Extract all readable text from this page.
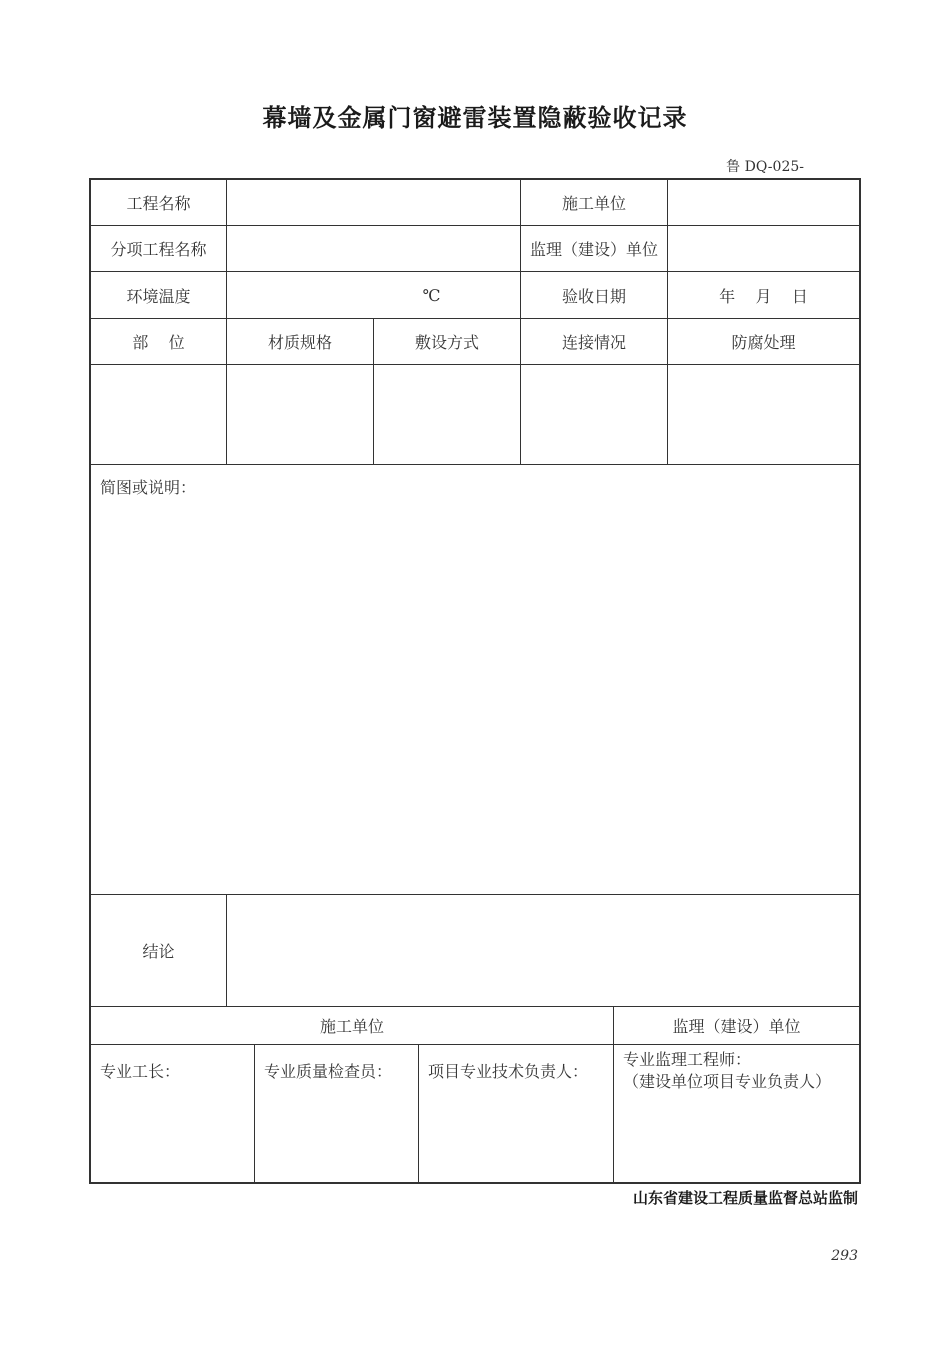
幕墙及金属门窗避雷装置隐蔽验收记录
鲁 DQ-025-
工程名称	施工单位
分项工程名称	监理（建设）单位
环境温度	℃	验收日期	年    月    日
部    位	材质规格	敷设方式	连接情况	防腐处理
简图或说明：
结论
施工单位	监理（建设）单位
专业工长：	专业质量检查员： 项目专业技术负责人：
专业监理工程师：
（建设单位项目专业负责人）
山东省建设工程质量监督总站监制
293
